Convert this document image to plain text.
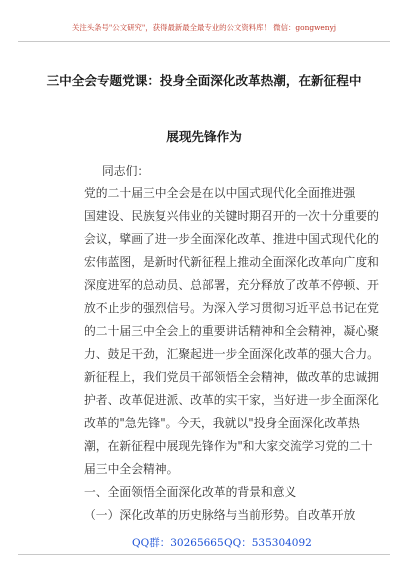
关注头条号"公文研究"，获得最新最全最专业的公文资料库！ 微信：gongwenyj
三中全会专题党课：投身全面深化改革热潮，在新征程中
展现先锋作为
同志们：
党的二十届三中全会是在以中国式现代化全面推进强
国建设、民族复兴伟业的关键时期召开的一次十分重要的
会议，擘画了进一步全面深化改革、推进中国式现代化的
宏伟蓝图，是新时代新征程上推动全面深化改革向广度和
深度进军的总动员、总部署，充分释放了改革不停顿、开
放不止步的强烈信号。为深入学习贯彻习近平总书记在党
的二十届三中全会上的重要讲话精神和全会精神，凝心聚
力、鼓足干劲，汇聚起进一步全面深化改革的强大合力。
新征程上，我们党员干部领悟全会精神，做改革的忠诚拥
护者、改革促进派、改革的实干家，当好进一步全面深化
改革的"急先锋"。今天，我就以"投身全面深化改革热
潮，在新征程中展现先锋作为"和大家交流学习党的二十
届三中全会精神。
一、全面领悟全面深化改革的背景和意义
（一）深化改革的历史脉络与当前形势。自改革开放
QQ群：30265665 QQ：535304092
